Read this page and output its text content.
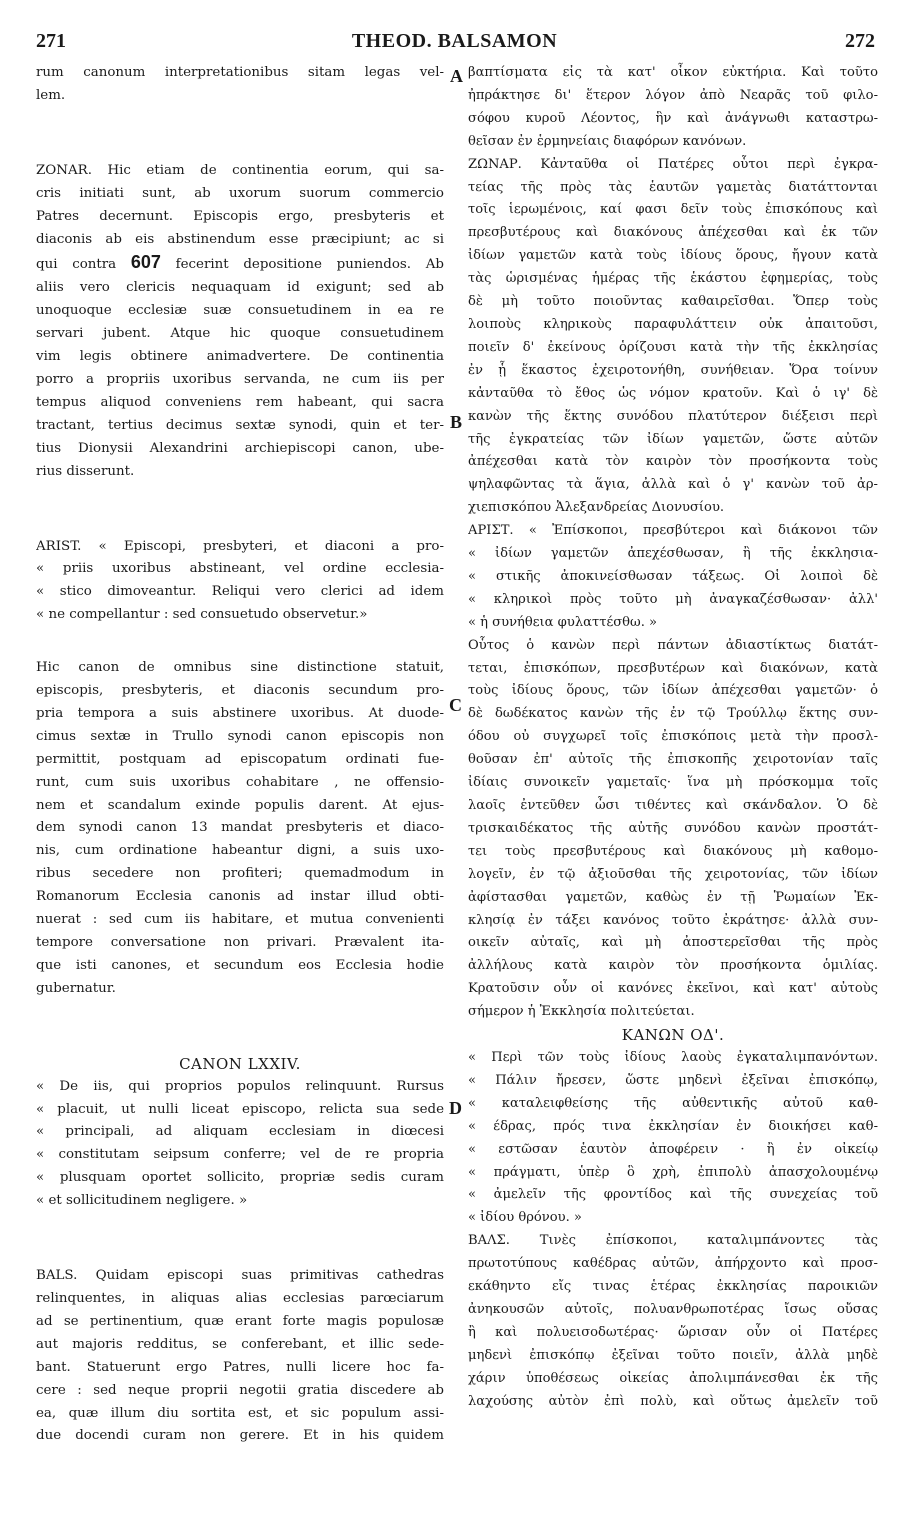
271	THEOD. BALSAMON	272
A
B
C
D
rum canonum interpretationibus sitam legas vel-
lem.
ZONAR. Hic etiam de continentia eorum, qui sa-
cris initiati sunt, ab uxorum suorum commercio
Patres decernunt. Episcopis ergo, presbyteris et
diaconis ab eis abstinendum esse præcipiunt; ac si
qui contra 607 fecerint depositione puniendos. Ab
aliis vero clericis nequaquam id exigunt; sed ab
unoquoque ecclesiæ suæ consuetudinem in ea re
servari jubent. Atque hic quoque consuetudinem
vim legis obtinere animadvertere. De continentia
porro a propriis uxoribus servanda, ne cum iis per
tempus aliquod conveniens rem habeant, qui sacra
tractant, tertius decimus sextæ synodi, quin et ter-
tius Dionysii Alexandrini archiepiscopi canon, ube-
rius disserunt.
ARIST. « Episcopi, presbyteri, et diaconi a pro-
« priis uxoribus abstineant, vel ordine ecclesia-
« stico dimoveantur. Reliqui vero clerici ad idem
« ne compellantur : sed consuetudo observetur.»
Hic canon de omnibus sine distinctione statuit,
episcopis, presbyteris, et diaconis secundum pro-
pria tempora a suis abstinere uxoribus. At duode-
cimus sextæ in Trullo synodi canon episcopis non
permittit, postquam ad episcopatum ordinati fue-
runt, cum suis uxoribus cohabitare , ne offensio-
nem et scandalum exinde populis darent. At ejus-
dem synodi canon 13 mandat presbyteris et diaco-
nis, cum ordinatione habeantur digni, a suis uxo-
ribus secedere non profiteri; quemadmodum in
Romanorum Ecclesia canonis ad instar illud obti-
nuerat : sed cum iis habitare, et mutua convenienti
tempore conversatione non privari. Prævalent ita-
que isti canones, et secundum eos Ecclesia hodie
gubernatur.
CANON LXXIV.
« De iis, qui proprios populos relinquunt. Rursus
« placuit, ut nulli liceat episcopo, relicta sua sede
« principali, ad aliquam ecclesiam in diœcesi
« constitutam seipsum conferre; vel de re propria
« plusquam oportet sollicito, propriæ sedis curam
« et sollicitudinem negligere. »
BALS. Quidam episcopi suas primitivas cathedras
relinquentes, in aliquas alias ecclesias parœciarum
ad se pertinentium, quæ erant forte magis populosæ
aut majoris redditus, se conferebant, et illic sede-
bant. Statuerunt ergo Patres, nulli licere hoc fa-
cere : sed neque proprii negotii gratia discedere ab
ea, quæ illum diu sortita est, et sic populum assi-
due docendi curam non gerere. Et in his quidem
βαπτίσματα εἰς τὰ κατ' οἶκον εὐκτήρια. Καὶ τοῦτο
ἠπράκτησε δι' ἕτερον λόγον ἀπὸ Νεαρᾶς τοῦ φιλο-
σόφου κυροῦ Λέοντος, ἣν καὶ ἀνάγνωθι καταστρω-
θεῖσαν ἐν ἑρμηνείαις διαφόρων κανόνων.
ΖΩΝΑΡ. Κἀνταῦθα οἱ Πατέρες οὗτοι περὶ ἐγκρα-
τείας τῆς πρὸς τὰς ἑαυτῶν γαμετὰς διατάττονται
τοῖς ἱερωμένοις, καί φασι δεῖν τοὺς ἐπισκόπους καὶ
πρεσβυτέρους καὶ διακόνους ἀπέχεσθαι καὶ ἐκ τῶν
ἰδίων γαμετῶν κατὰ τοὺς ἰδίους ὅρους, ἤγουν κατὰ
τὰς ὡρισμένας ἡμέρας τῆς ἑκάστου ἐφημερίας, τοὺς
δὲ μὴ τοῦτο ποιοῦντας καθαιρεῖσθαι. Ὅπερ τοὺς
λοιποὺς κληρικοὺς παραφυλάττειν οὐκ ἀπαιτοῦσι,
ποιεῖν δ' ἐκείνους ὁρίζουσι κατὰ τὴν τῆς ἐκκλησίας
ἐν ᾗ ἕκαστος ἐχειροτονήθη, συνήθειαν. Ὅρα τοίνυν
κἀνταῦθα τὸ ἔθος ὡς νόμον κρατοῦν. Καὶ ὁ ιγ' δὲ
κανὼν τῆς ἕκτης συνόδου πλατύτερον διέξεισι περὶ
τῆς ἐγκρατείας τῶν ἰδίων γαμετῶν, ὥστε αὐτῶν
ἀπέχεσθαι κατὰ τὸν καιρὸν τὸν προσήκοντα τοὺς
ψηλαφῶντας τὰ ἅγια, ἀλλὰ καὶ ὁ γ' κανὼν τοῦ ἀρ-
χιεπισκόπου Ἀλεξανδρείας Διονυσίου.
ΑΡΙΣΤ. « Ἐπίσκοποι, πρεσβύτεροι καὶ διάκονοι τῶν
« ἰδίων γαμετῶν ἀπεχέσθωσαν, ἢ τῆς ἐκκλησια-
« στικῆς ἀποκινείσθωσαν τάξεως. Οἱ λοιποὶ δὲ
« κληρικοὶ πρὸς τοῦτο μὴ ἀναγκαζέσθωσαν· ἀλλ'
« ἡ συνήθεια φυλαττέσθω. »
Οὗτος ὁ κανὼν περὶ πάντων ἀδιαστίκτως διατάτ-
τεται, ἐπισκόπων, πρεσβυτέρων καὶ διακόνων, κατὰ
τοὺς ἰδίους ὅρους, τῶν ἰδίων ἀπέχεσθαι γαμετῶν· ὁ
δὲ δωδέκατος κανὼν τῆς ἐν τῷ Τρούλλῳ ἕκτης συν-
όδου οὐ συγχωρεῖ τοῖς ἐπισκόποις μετὰ τὴν προσλ-
θοῦσαν ἐπ' αὐτοῖς τῆς ἐπισκοπῆς χειροτονίαν ταῖς
ἰδίαις συνοικεῖν γαμεταῖς· ἵνα μὴ πρόσκομμα τοῖς
λαοῖς ἐντεῦθεν ὦσι τιθέντες καὶ σκάνδαλον. Ὁ δὲ
τρισκαιδέκατος τῆς αὐτῆς συνόδου κανὼν προστάτ-
τει τοὺς πρεσβυτέρους καὶ διακόνους μὴ καθομο-
λογεῖν, ἐν τῷ ἀξιοῦσθαι τῆς χειροτονίας, τῶν ἰδίων
ἀφίστασθαι γαμετῶν, καθὼς ἐν τῇ Ῥωμαίων Ἐκ-
κλησίᾳ ἐν τάξει κανόνος τοῦτο ἐκράτησε· ἀλλὰ συν-
οικεῖν αὐταῖς, καὶ μὴ ἀποστερεῖσθαι τῆς πρὸς
ἀλλήλους κατὰ καιρὸν τὸν προσήκοντα ὁμιλίας.
Κρατοῦσιν οὖν οἱ κανόνες ἐκεῖνοι, καὶ κατ' αὐτοὺς
σήμερον ἡ Ἐκκλησία πολιτεύεται.
ΚΑΝΩΝ ΟΔ'.
« Περὶ τῶν τοὺς ἰδίους λαοὺς ἐγκαταλιμπανόντων.
« Πάλιν ἤρεσεν, ὥστε μηδενὶ ἐξεῖναι ἐπισκόπῳ,
« καταλειφθείσης τῆς αὐθεντικῆς αὐτοῦ καθ-
« έδρας, πρός τινα ἐκκλησίαν ἐν διοικήσει καθ-
« εστῶσαν ἑαυτὸν ἀποφέρειν · ἢ ἐν οἰκείῳ
« πράγματι, ὑπὲρ ὃ χρὴ, ἐπιπολὺ ἀπασχολουμένῳ
« ἀμελεῖν τῆς φροντίδος καὶ τῆς συνεχείας τοῦ
« ἰδίου θρόνου. »
ΒΑΛΣ. Τινὲς ἐπίσκοποι, καταλιμπάνοντες τὰς
πρωτοτύπους καθέδρας αὐτῶν, ἀπήρχοντο καὶ προσ-
εκάθηντο εἴς τινας ἑτέρας ἐκκλησίας παροικιῶν
ἀνηκουσῶν αὐτοῖς, πολυανθρωποτέρας ἴσως οὔσας
ἢ καὶ πολυεισοδωτέρας· ὥρισαν οὖν οἱ Πατέρες
μηδενὶ ἐπισκόπῳ ἐξεῖναι τοῦτο ποιεῖν, ἀλλὰ μηδὲ
χάριν ὑποθέσεως οἰκείας ἀπολιμπάνεσθαι ἐκ τῆς
λαχούσης αὐτὸν ἐπὶ πολὺ, καὶ οὕτως ἀμελεῖν τοῦ
